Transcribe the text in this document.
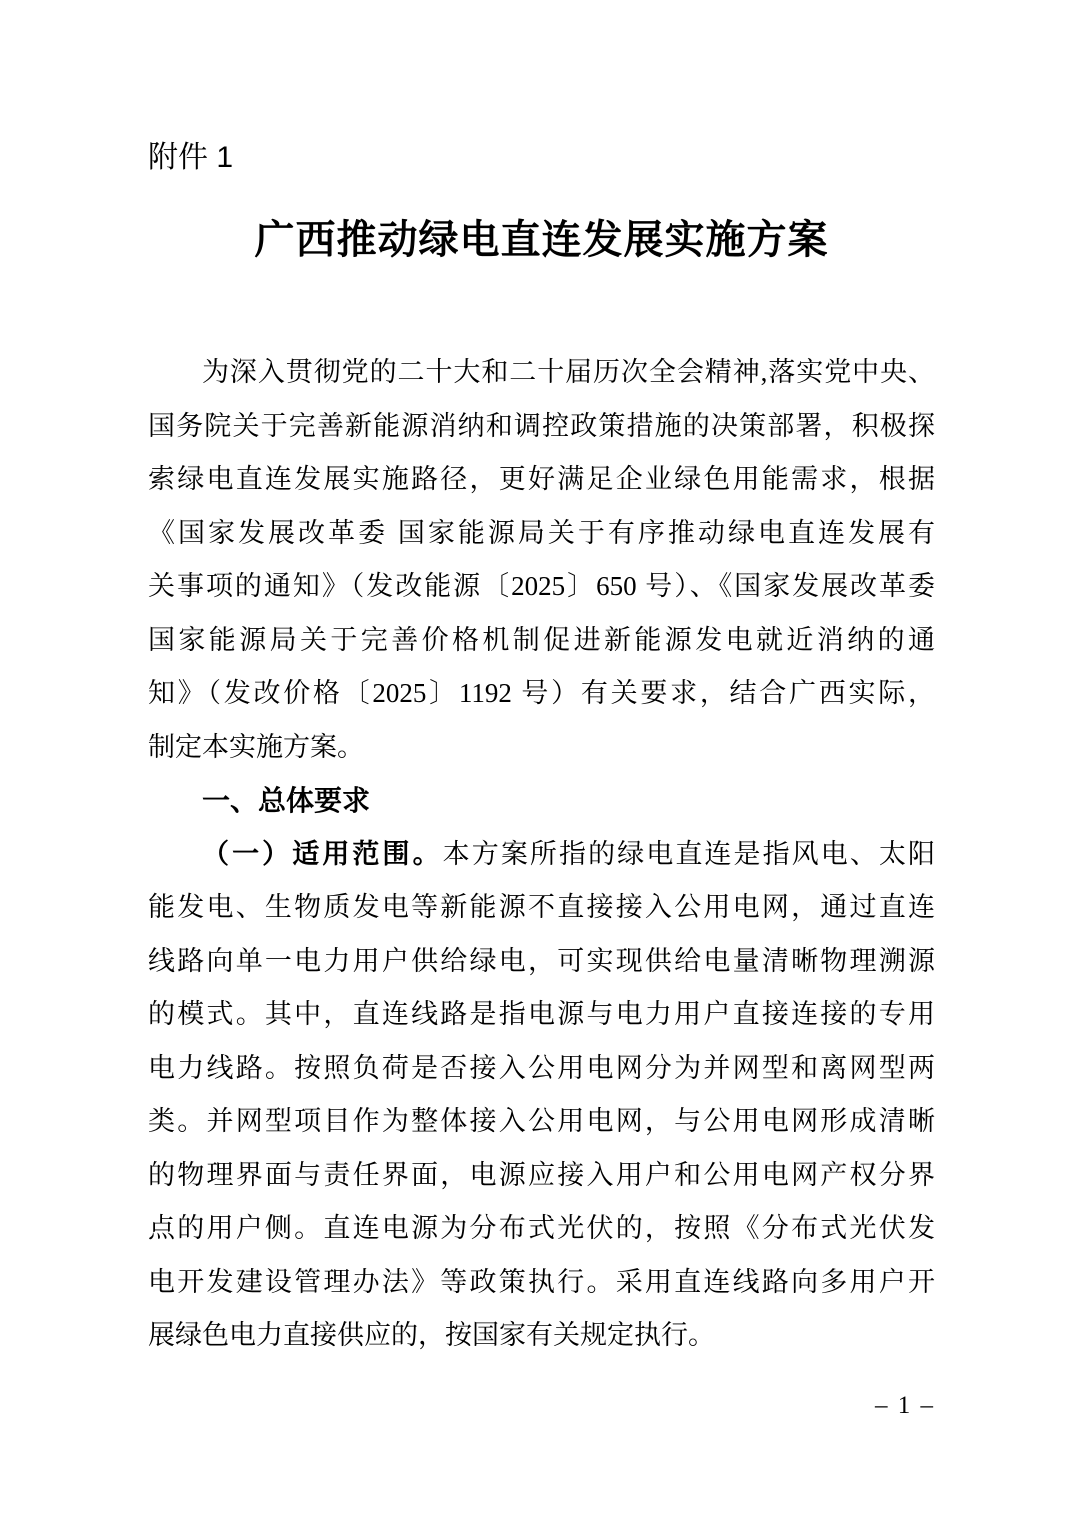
附件 1
广西推动绿电直连发展实施方案
为深入贯彻党的二十大和二十届历次全会精神,落实党中央、
国务院关于完善新能源消纳和调控政策措施的决策部署，积极探
索绿电直连发展实施路径，更好满足企业绿色用能需求，根据
《国家发展改革委 国家能源局关于有序推动绿电直连发展有
关事项的通知》（发改能源〔2025〕650 号）、《国家发展改革委
国家能源局关于完善价格机制促进新能源发电就近消纳的通
知》（发改价格〔2025〕1192 号）有关要求，结合广西实际，
制定本实施方案。
一、总体要求
（一）适用范围。本方案所指的绿电直连是指风电、太阳
能发电、生物质发电等新能源不直接接入公用电网，通过直连
线路向单一电力用户供给绿电，可实现供给电量清晰物理溯源
的模式。其中，直连线路是指电源与电力用户直接连接的专用
电力线路。按照负荷是否接入公用电网分为并网型和离网型两
类。并网型项目作为整体接入公用电网，与公用电网形成清晰
的物理界面与责任界面，电源应接入用户和公用电网产权分界
点的用户侧。直连电源为分布式光伏的，按照《分布式光伏发
电开发建设管理办法》等政策执行。采用直连线路向多用户开
展绿色电力直接供应的，按国家有关规定执行。
– 1 –
